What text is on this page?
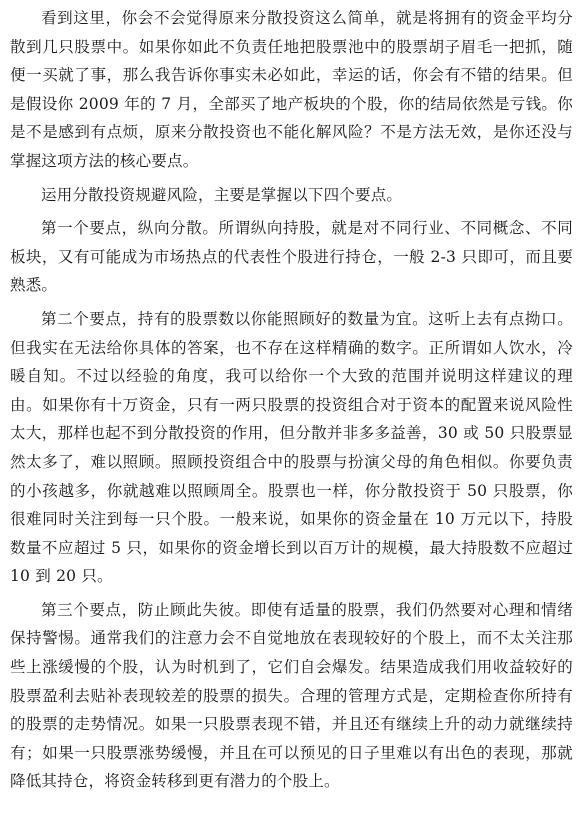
看到这里，你会不会觉得原来分散投资这么简单，就是将拥有的资金平均分散到几只股票中。如果你如此不负责任地把股票池中的股票胡子眉毛一把抓，随便一买就了事，那么我告诉你事实未必如此，幸运的话，你会有不错的结果。但是假设你 2009 年的 7 月，全部买了地产板块的个股，你的结局依然是亏钱。你是不是感到有点烦，原来分散投资也不能化解风险？不是方法无效，是你还没与掌握这项方法的核心要点。

运用分散投资规避风险，主要是掌握以下四个要点。

第一个要点，纵向分散。所谓纵向持股，就是对不同行业、不同概念、不同板块，又有可能成为市场热点的代表性个股进行持仓，一般 2-3 只即可，而且要熟悉。

第二个要点，持有的股票数以你能照顾好的数量为宜。这听上去有点拗口。但我实在无法给你具体的答案，也不存在这样精确的数字。正所谓如人饮水，冷暖自知。不过以经验的角度，我可以给你一个大致的范围并说明这样建议的理由。如果你有十万资金，只有一两只股票的投资组合对于资本的配置来说风险性太大，那样也起不到分散投资的作用，但分散并非多多益善，30 或 50 只股票显然太多了，难以照顾。照顾投资组合中的股票与扮演父母的角色相似。你要负责的小孩越多，你就越难以照顾周全。股票也一样，你分散投资于 50 只股票，你很难同时关注到每一只个股。一般来说，如果你的资金量在 10 万元以下，持股数量不应超过 5 只，如果你的资金增长到以百万计的规模，最大持股数不应超过 10 到 20 只。

第三个要点，防止顾此失彼。即使有适量的股票，我们仍然要对心理和情绪保持警惕。通常我们的注意力会不自觉地放在表现较好的个股上，而不太关注那些上涨缓慢的个股，认为时机到了，它们自会爆发。结果造成我们用收益较好的股票盈利去贴补表现较差的股票的损失。合理的管理方式是，定期检查你所持有的股票的走势情况。如果一只股票表现不错，并且还有继续上升的动力就继续持有；如果一只股票涨势缓慢，并且在可以预见的日子里难以有出色的表现，那就降低其持仓，将资金转移到更有潜力的个股上。
